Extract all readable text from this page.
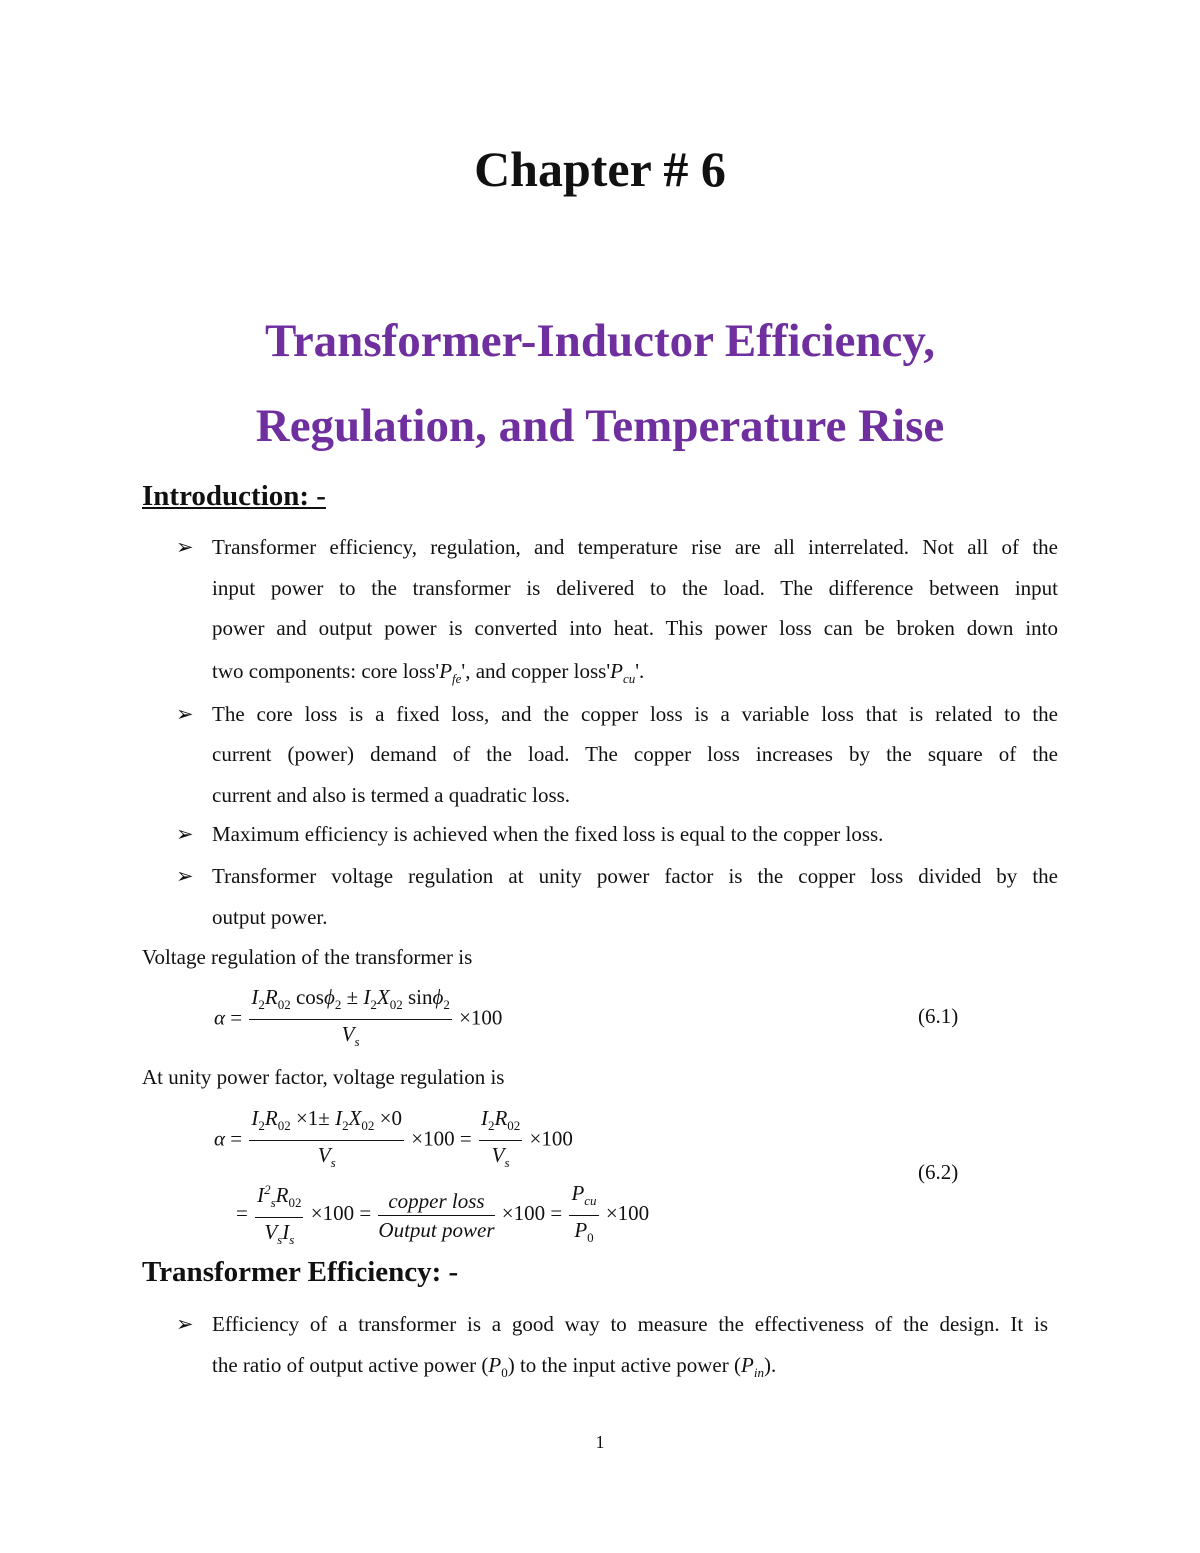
Chapter # 6
Transformer-Inductor Efficiency,
Regulation, and Temperature Rise
Introduction: -
➢ Transformer efficiency, regulation, and temperature rise are all interrelated. Not all of the
input power to the transformer is delivered to the load. The difference between input
power and output power is converted into heat. This power loss can be broken down into
two components: core $loss'P_{fe}'$, and copper $loss'P_{cu}'$.
➢ The core loss is a fixed loss, and the copper loss is a variable loss that is related to the
current (power) demand of the load. The copper loss increases by the square of the
current and also is termed a quadratic loss.
➢ Maximum efficiency is achieved when the fixed loss is equal to the copper loss.
➢ Transformer voltage regulation at unity power factor is the copper loss divided by the
output power.
Voltage regulation of the transformer is
$\alpha = \frac{I_2R_{02} \cos\phi_2 \pm I_2X_{02} \sin\phi_2}{V_s} \times 100$	(6.1)
At unity power factor, voltage regulation is
$\alpha = \frac{I_2R_{02} \times 1\pm I_2X_{02} \times 0}{V_s} \times 100 = \frac{I_2R_{02}}{V_s} \times 100$
= $\frac{I^2_sR_{02}}{V_sI_s} \times 100 = \frac{\text{copper loss}}{\text{Output power}} \times 100 = \frac{P_{cu}}{P_0} \times 100$
(6.2)
Transformer Efficiency: -
➢ Efficiency of a transformer is a good way to measure the effectiveness of the design. It is
the ratio of output active power $(P_0)$ to the input active power $(P_{in})$.
1
